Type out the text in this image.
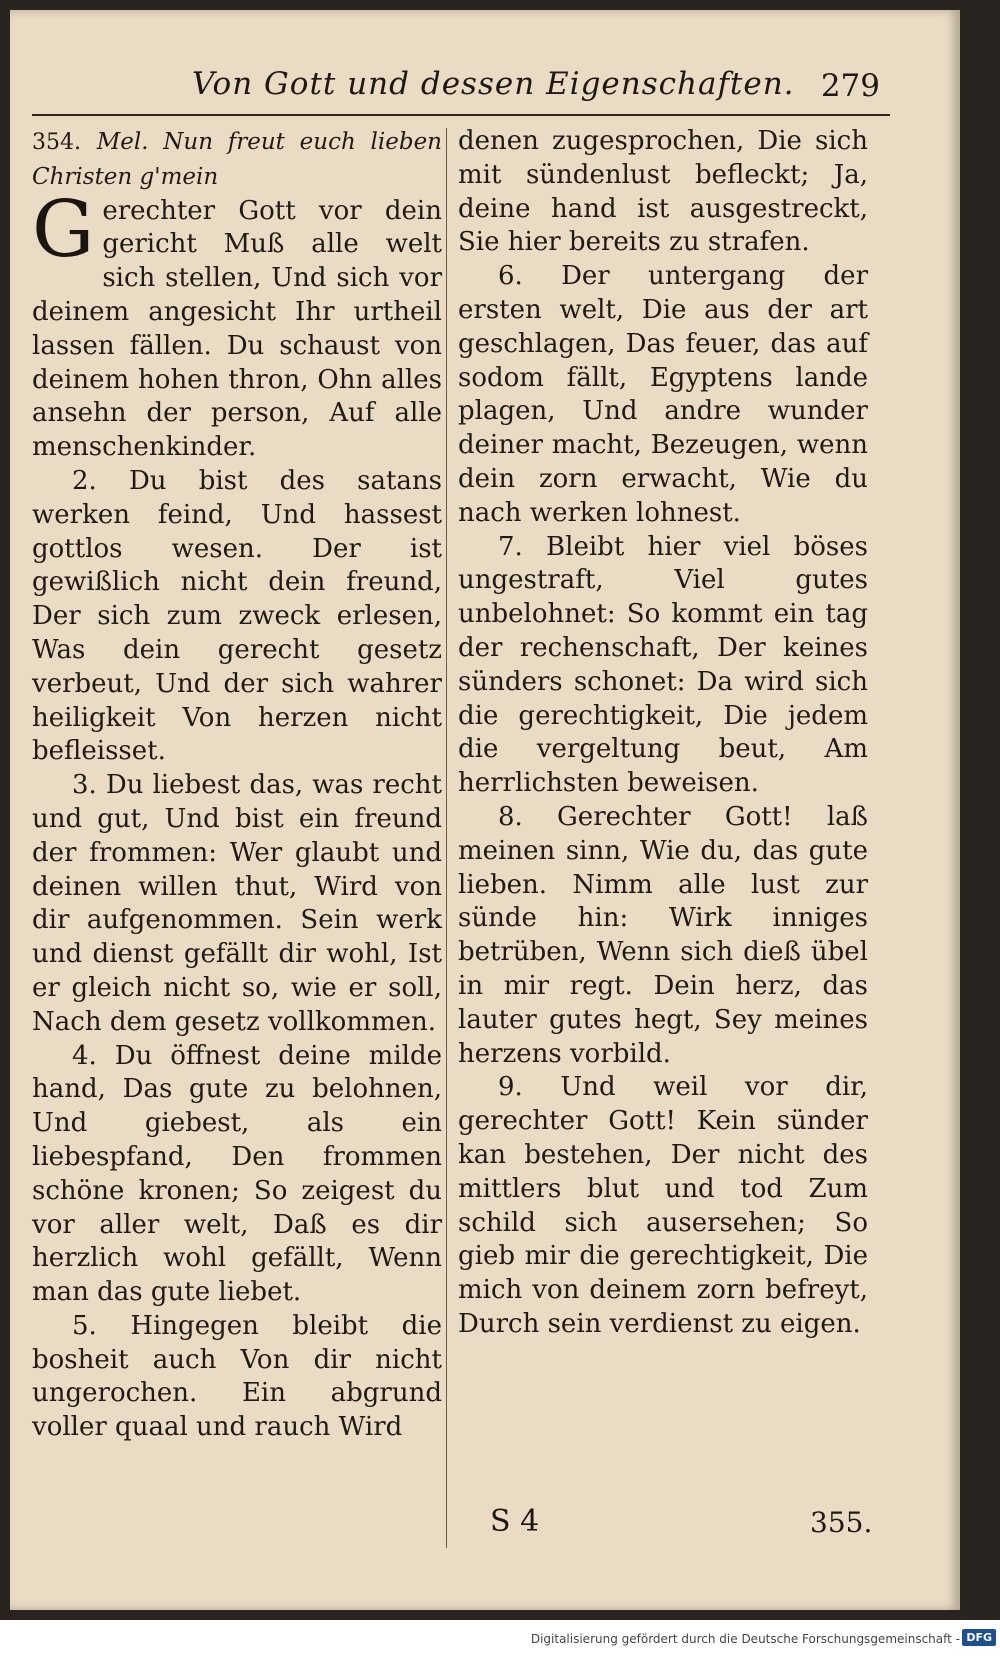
Von Gott und dessen Eigenschaften. 279

354. Mel. Nun freut euch lieben Christen g'mein

G erechter Gott vor dein gericht Muß alle welt sich stellen, Und sich vor deinem angesicht Ihr urtheil lassen fällen. Du schaust von deinem hohen thron, Ohn alles ansehn der person, Auf alle menschenkinder.

2. Du bist des satans werken feind, Und hassest gottlos wesen. Der ist gewißlich nicht dein freund, Der sich zum zweck erlesen, Was dein gerecht gesetz verbeut, Und der sich wahrer heiligkeit Von herzen nicht befleisset.

3. Du liebest das, was recht und gut, Und bist ein freund der frommen: Wer glaubt und deinen willen thut, Wird von dir aufgenommen. Sein werk und dienst gefällt dir wohl, Ist er gleich nicht so, wie er soll, Nach dem gesetz vollkommen.

4. Du öffnest deine milde hand, Das gute zu belohnen, Und giebest, als ein liebespfand, Den frommen schöne kronen; So zeigest du vor aller welt, Daß es dir herzlich wohl gefällt, Wenn man das gute liebet.

5. Hingegen bleibt die bosheit auch Von dir nicht ungerochen. Ein abgrund voller quaal und rauch Wird

denen zugesprochen, Die sich mit sündenlust befleckt; Ja, deine hand ist ausgestreckt, Sie hier bereits zu strafen.

6. Der untergang der ersten welt, Die aus der art geschlagen, Das feuer, das auf sodom fällt, Egyptens lande plagen, Und andre wunder deiner macht, Bezeugen, wenn dein zorn erwacht, Wie du nach werken lohnest.

7. Bleibt hier viel böses ungestraft, Viel gutes unbelohnet: So kommt ein tag der rechenschaft, Der keines sünders schonet: Da wird sich die gerechtigkeit, Die jedem die vergeltung beut, Am herrlichsten beweisen.

8. Gerechter Gott! laß meinen sinn, Wie du, das gute lieben. Nimm alle lust zur sünde hin: Wirk inniges betrüben, Wenn sich dieß übel in mir regt. Dein herz, das lauter gutes hegt, Sey meines herzens vorbild.

9. Und weil vor dir, gerechter Gott! Kein sünder kan bestehen, Der nicht des mittlers blut und tod Zum schild sich ausersehen; So gieb mir die gerechtigkeit, Die mich von deinem zorn befreyt, Durch sein verdienst zu eigen.

S 4	355.
Digitalisierung gefördert durch die Deutsche Forschungsgemeinschaft - DFG
